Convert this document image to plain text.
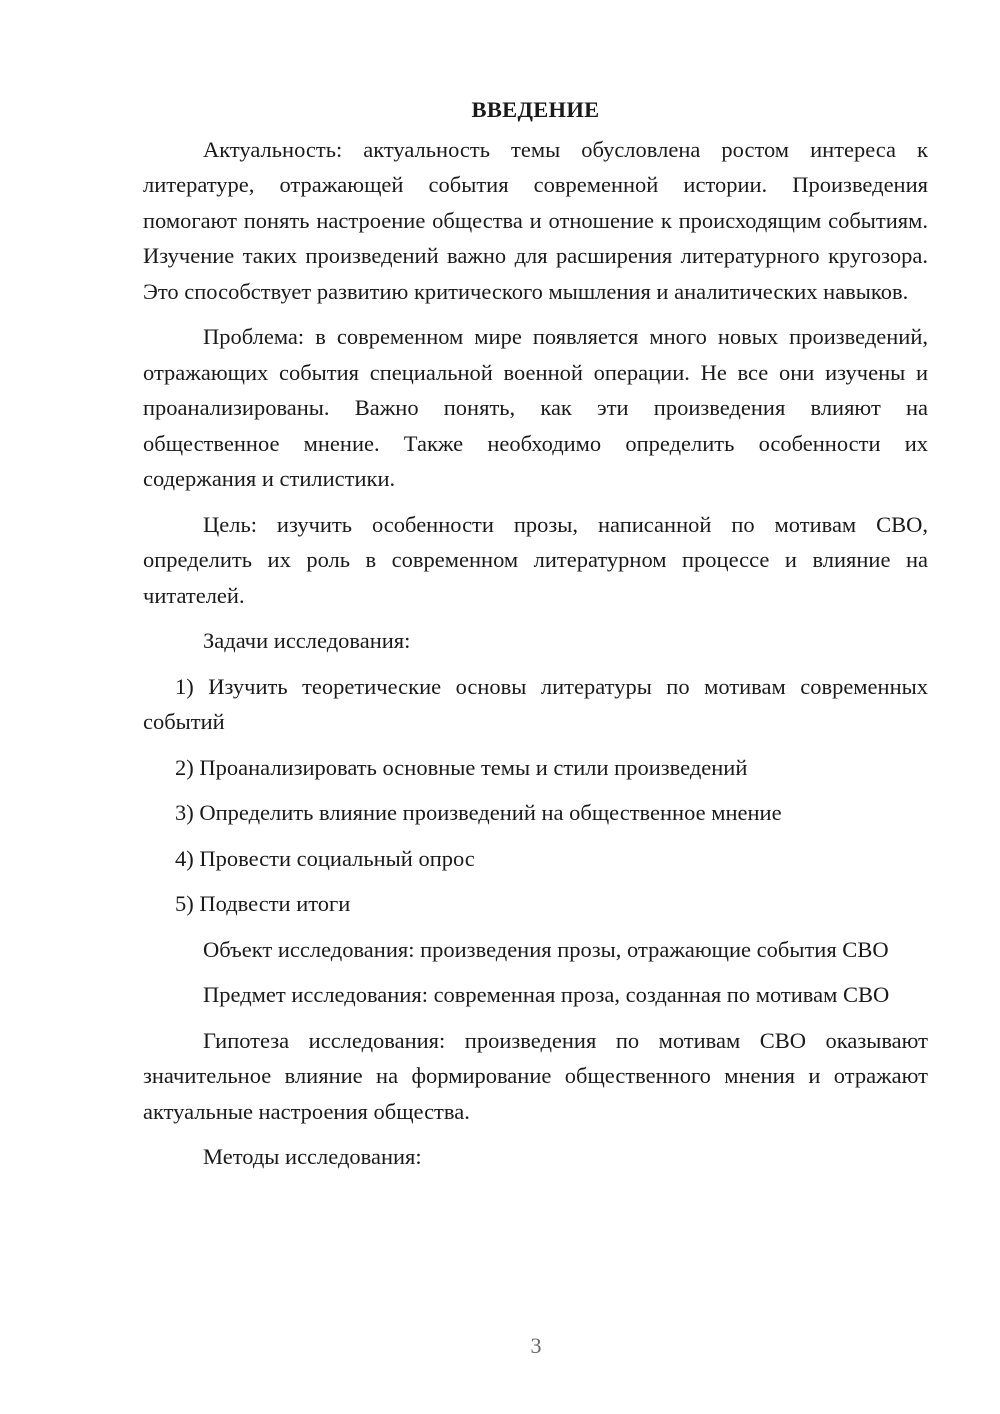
ВВЕДЕНИЕ

Актуальность: актуальность темы обусловлена ростом интереса к литературе, отражающей события современной истории. Произведения помогают понять настроение общества и отношение к происходящим событиям. Изучение таких произведений важно для расширения литературного кругозора. Это способствует развитию критического мышления и аналитических навыков.

Проблема: в современном мире появляется много новых произведений, отражающих события специальной военной операции. Не все они изучены и проанализированы. Важно понять, как эти произведения влияют на общественное мнение. Также необходимо определить особенности их содержания и стилистики.

Цель: изучить особенности прозы, написанной по мотивам СВО, определить их роль в современном литературном процессе и влияние на читателей.

Задачи исследования:

1) Изучить теоретические основы литературы по мотивам современных событий

2) Проанализировать основные темы и стили произведений

3) Определить влияние произведений на общественное мнение

4) Провести социальный опрос

5) Подвести итоги

Объект исследования: произведения прозы, отражающие события СВО

Предмет исследования: современная проза, созданная по мотивам СВО

Гипотеза исследования: произведения по мотивам СВО оказывают значительное влияние на формирование общественного мнения и отражают актуальные настроения общества.

Методы исследования:

3
